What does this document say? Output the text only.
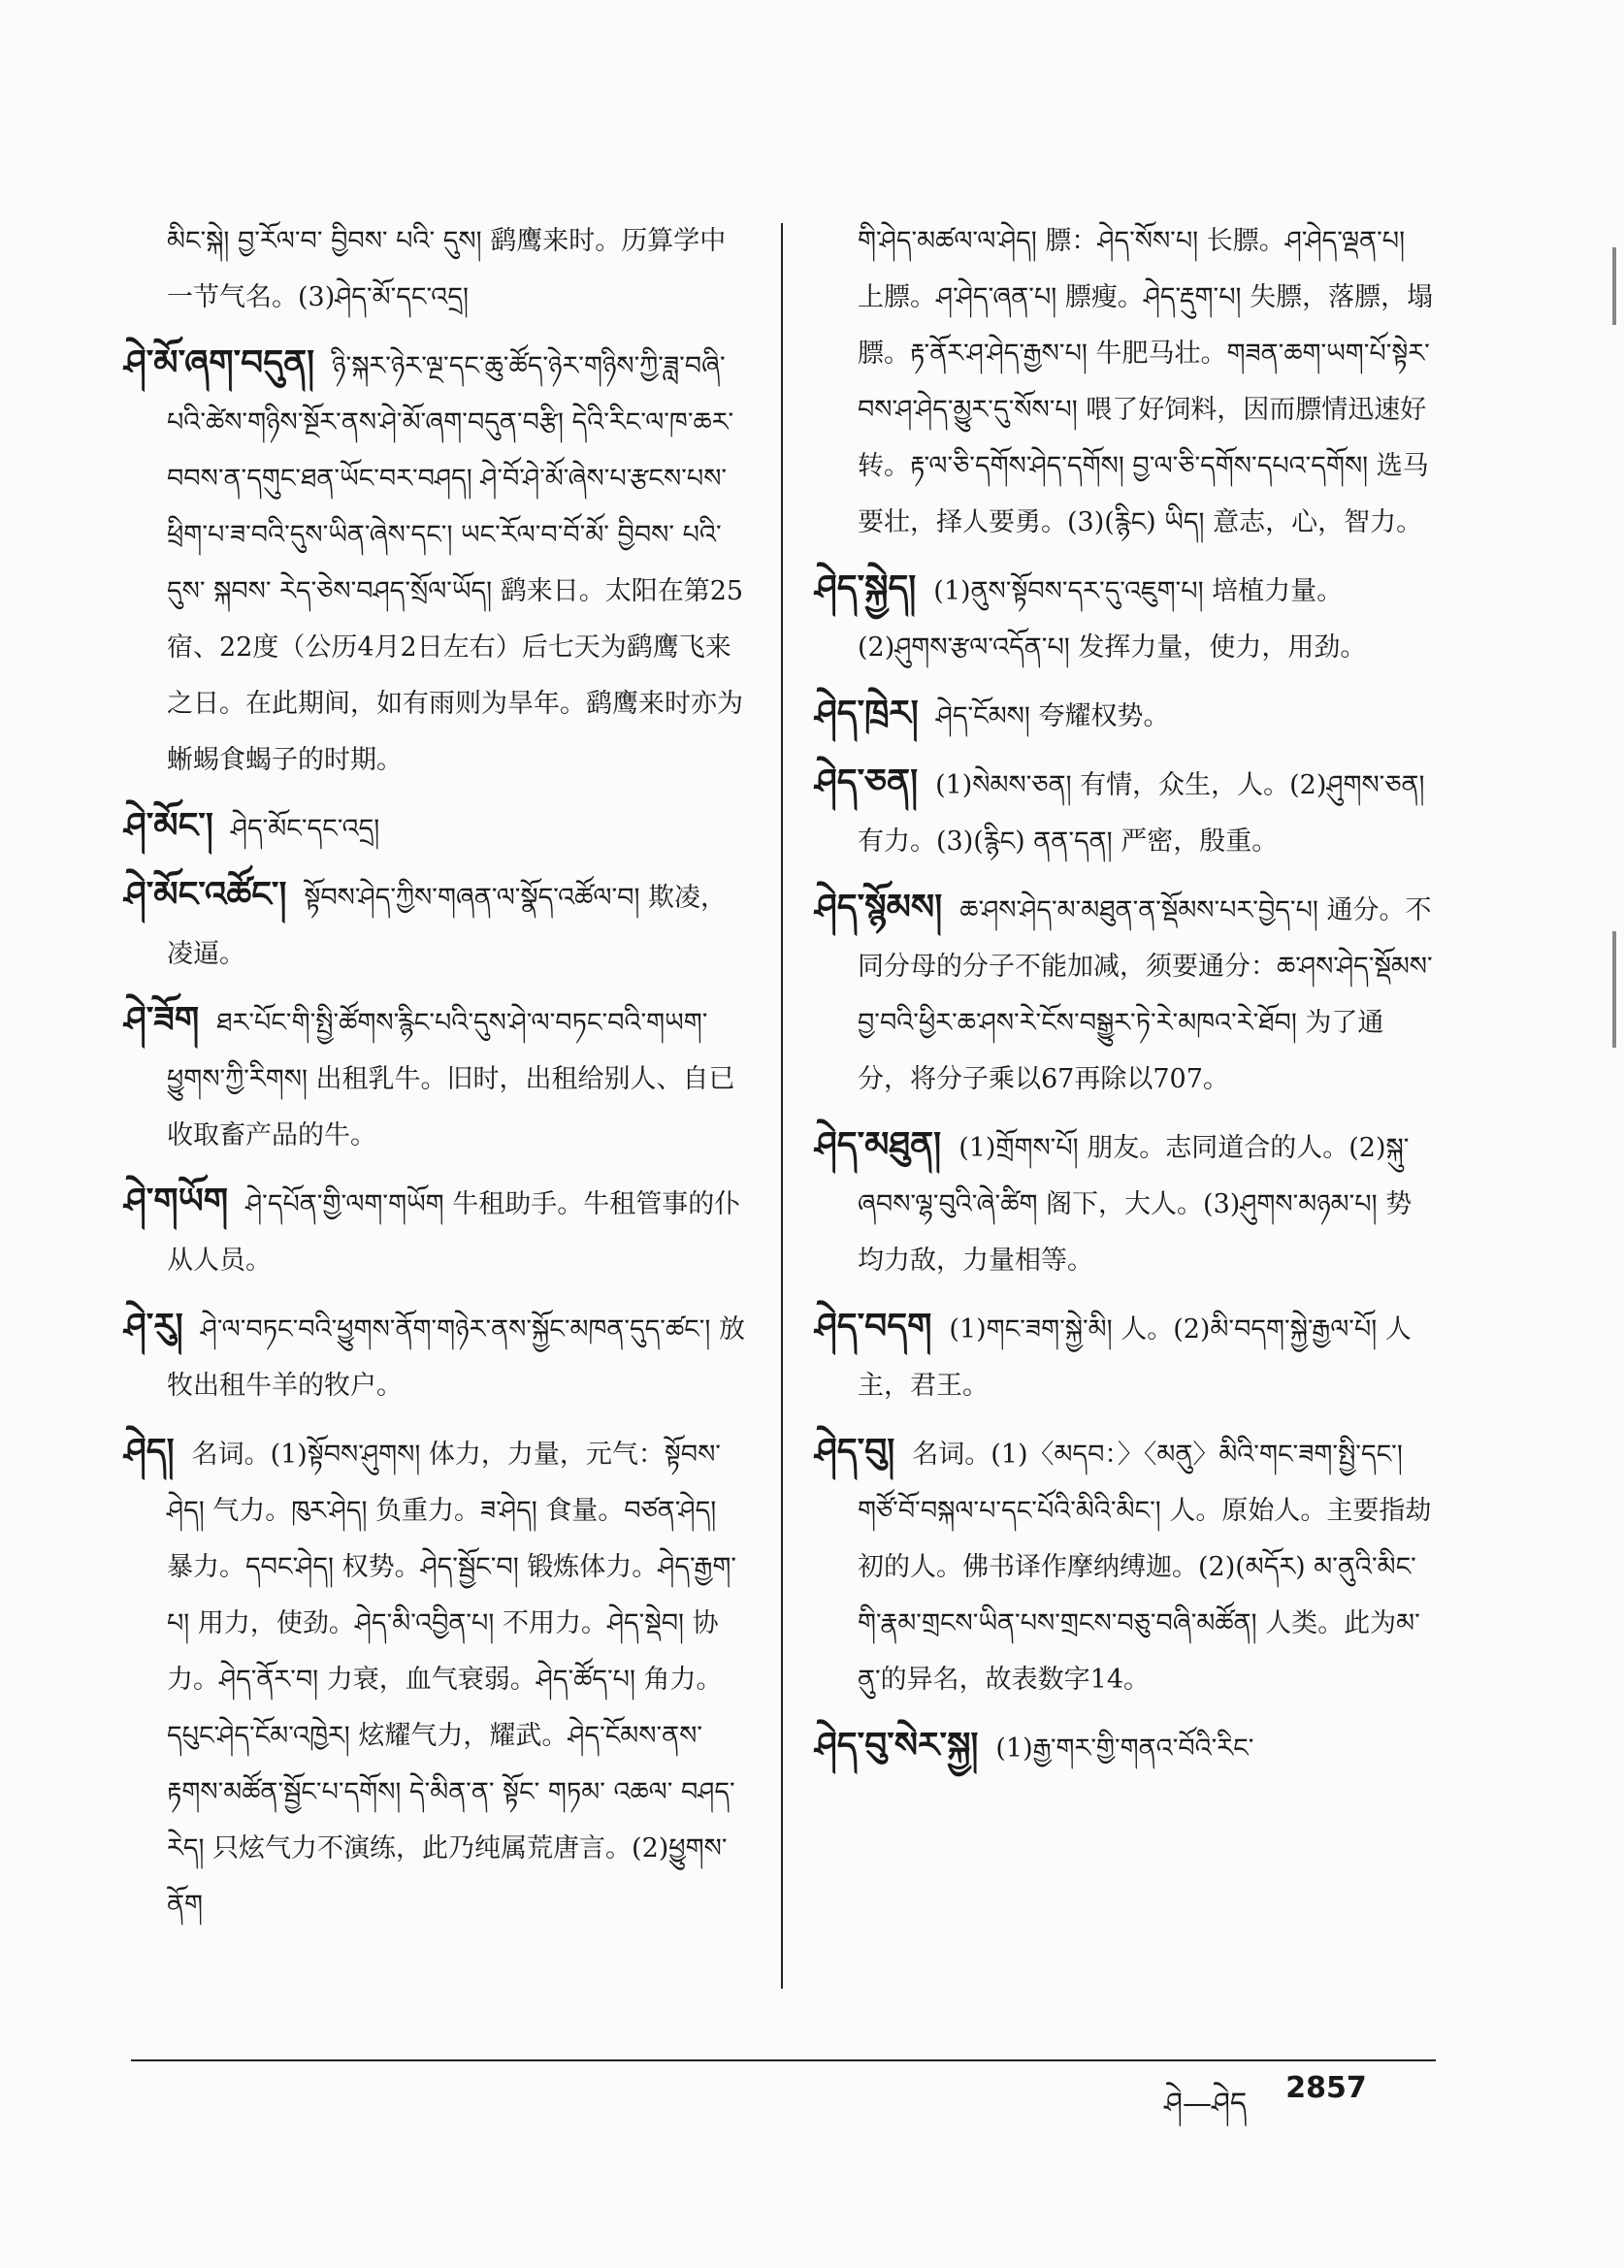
མིང་སྐེ། བྱ་ཪོལ་བ་ བྱིབས་ པའི་ དུས། 鹞鹰来时。历算学中一节气名。(3)ཤེད་མོ་དང་འདྲ།

ཤེ་མོ་ཞག་བདུན། ཉི་སྐར་ཉེར་ལྔ་དང་ཆུ་ཚོད་ཉེར་གཉིས་ཀྱི་ཟླ་བཞི་པའི་ཚེས་གཉིས་སྔོར་ནས་ཤེ་མོ་ཞག་བདུན་བརྩི། དེའི་རིང་ལ་ཁ་ཆར་བབས་ན་དགུང་ཐན་ཡོང་བར་བཤད། ཤེ་བོ་ཤེ་མོ་ཞེས་པ་རྩངས་པས་ཕྲིག་པ་ཟ་བའི་དུས་ཡིན་ཞེས་དང་། ཡང་ཪོལ་བ་བོ་མོ་ བྱིབས་ པའི་ དུས་ སྐབས་ རེད་ཅེས་བཤད་སྲོལ་ཡོད། 鹞来日。太阳在第25宿、22度（公历4月2日左右）后七天为鹞鹰飞来之日。在此期间，如有雨则为旱年。鹞鹰来时亦为蜥蜴食蝎子的时期。

ཤེ་མོང་། ཤེད་མོང་དང་འདྲ།

ཤེ་མོང་འཚོང་། སྟོབས་ཤེད་ཀྱིས་གཞན་ལ་སྣོད་འཚོལ་བ། 欺凌，凌逼。

ཤེ་ཟོག ཐར་པོང་གི་སྤྱི་ཚོགས་རྙིང་པའི་དུས་ཤེ་ལ་བཏང་བའི་གཡག་ཕྱུགས་ཀྱི་རིགས། 出租乳牛。旧时，出租给别人、自已收取畜产品的牛。

ཤེ་གཡོག ཤེ་དཔོན་གྱི་ལག་གཡོག 牛租助手。牛租管事的仆从人员。

ཤེ་རུ། ཤེ་ལ་བཏང་བའི་ཕྱུགས་ནོག་གཉེར་ནས་སྐྱོང་མཁན་དུད་ཚང་། 放牧出租牛羊的牧户。

ཤེད། 名词。(1)སྟོབས་ཤུགས། 体力，力量，元气：སྟོབས་ཤེད། 气力。ཁུར་ཤེད། 负重力。ཟ་ཤེད། 食量。བཙན་ཤེད། 暴力。དབང་ཤེད། 权势。ཤེད་སྦྱོང་བ། 锻炼体力。ཤེད་རྒྱག་པ། 用力，使劲。ཤེད་མི་འབྱིན་པ། 不用力。ཤེད་སྡེབ། 协力。ཤེད་ནོར་བ། 力衰，血气衰弱。ཤེད་ཚོད་པ། 角力。དཔུང་ཤེད་ངོམ་འཁྱེར། 炫耀气力，耀武。ཤེད་ངོམས་ནས་རྟགས་མཚོན་སྦྱོང་པ་དགོས། དེ་མིན་ན་ སྟོང་ གཏམ་ འཆལ་ བཤད་ རེད། 只炫气力不演练，此乃纯属荒唐言。(2)ཕྱུགས་ནོག

གི་ཤེད་མཚལ་ལ་ཤེད། 膘：ཤེད་སོས་པ། 长膘。ཤ་ཤེད་ལྡན་པ། 上膘。ཤ་ཤེད་ཞན་པ། 膘瘦。ཤེད་རྡུག་པ། 失膘，落膘，塌膘。རྟ་ནོར་ཤ་ཤེད་རྒྱས་པ། 牛肥马壮。གཟན་ཆག་ཡག་པོ་སྟེར་བས་ཤ་ཤེད་མྱུར་དུ་སོས་པ། 喂了好饲料，因而膘情迅速好转。རྟ་ལ་ཅི་དགོས་ཤེད་དགོས། བྱ་ལ་ཅི་དགོས་དཔའ་དགོས། 选马要壮，择人要勇。(3)(རྙིང) ཡིད། 意志，心，智力。

ཤེད་སྐྱེད། (1)ནུས་སྟོབས་དར་དུ་འཇུག་པ། 培植力量。(2)ཤུགས་རྩལ་འདོན་པ། 发挥力量，使力，用劲。

ཤེད་ཁྲེར། ཤེད་ངོམས། 夸耀权势。

ཤེད་ཅན། (1)སེམས་ཅན། 有情，众生，人。(2)ཤུགས་ཅན། 有力。(3)(རྙིང) ནན་དན། 严密，殷重。

ཤེད་སྙོམས། ཆ་ཤས་ཤེད་མ་མཐུན་ན་སྡོམས་པར་བྱེད་པ། 通分。不同分母的分子不能加减，须要通分：ཆ་ཤས་ཤེད་སྡོམས་བྱ་བའི་ཕྱིར་ཆ་ཤས་རེ་ངོས་བསྒྱུར་ཏེ་རེ་མཁའ་རེ་ཐོབ། 为了通分，将分子乘以67再除以707。

ཤེད་མཐུན། (1)གྲོགས་པོ། 朋友。志同道合的人。(2)སྐུ་ཞབས་ལྷ་བུའི་ཞེ་ཚིག 阁下，大人。(3)ཤུགས་མཉམ་པ། 势均力敌，力量相等。

ཤེད་བདག (1)གང་ཟག་སྐྱེ་མི། 人。(2)མི་བདག་སྐྱེ་རྒྱལ་པོ། 人主，君王。

ཤེད་བུ། 名词。(1)〈མདབ：〉〈མནུ〉མིའི་གང་ཟག་སྤྱི་དང་། གཙོ་བོ་བསྐལ་པ་དང་པོའི་མིའི་མིང་། 人。原始人。主要指劫初的人。佛书译作摩纳缚迦。(2)(མདོར) མ་ནུའི་མིང་གི་རྣམ་གྲངས་ཡིན་པས་གྲངས་བཅུ་བཞི་མཚོན། 人类。此为མ་ནུ་的异名，故表数字14。

ཤེད་བུ་སེར་སྐྱ། (1)རྒྱ་གར་གྱི་གནའ་བོའི་རིང་

ཤེ—ཤེད 2857
